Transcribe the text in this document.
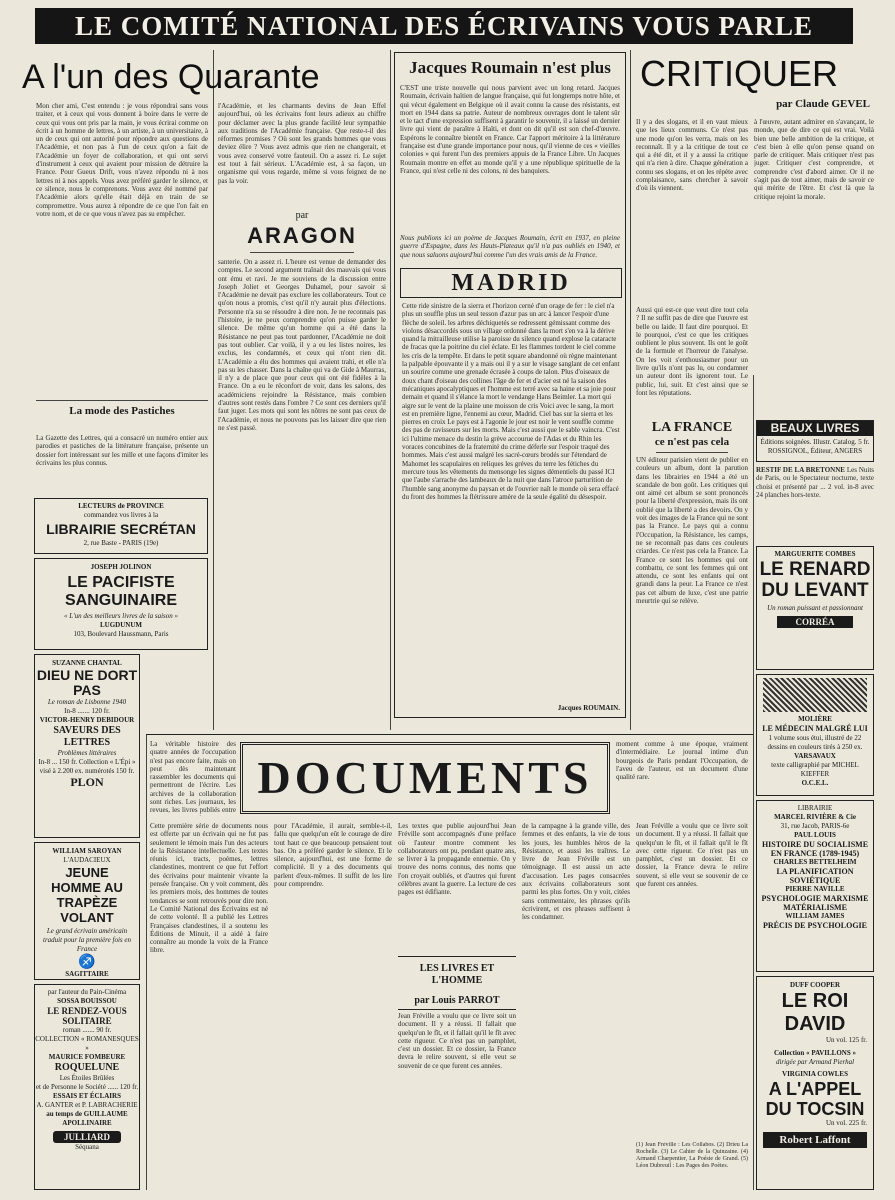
LE COMITÉ NATIONAL DES ÉCRIVAINS VOUS PARLE
A l'un des Quarante
Mon cher ami, C'est entendu : je vous répondrai sans vous traiter, et à ceux qui vous donnent à boire dans le verre de ceux qui vous ont pris par la main, je vous écrirai comme on écrit à un homme de lettres, à un artiste, à un universitaire, à un de ceux qui ont autorité pour répondre aux questions de l'Académie, et non pas à l'un de ceux qu'on a fait de l'Académie un foyer de collaboration, et qui ont servi d'instrument à ceux qui avaient pour mission de détruire la France. Pour Gueux Drift, vous n'avez répondu ni à nos lettres ni à nos appels. Vous avez préféré garder le silence, et ce silence, nous le comprenons. Vous avez été nommé par l'Académie alors qu'elle était déjà en train de se compromettre. Vous aurez à répondre de ce que l'on fait en votre nom, et de ce que vous n'avez pas su empêcher.
La mode des Pastiches
La Gazette des Lettres, qui a consacré un numéro entier aux parodies et pastiches de la littérature française, présente un dossier fort intéressant sur les mille et une façons d'imiter les écrivains les plus connus.
LECTEURS de PROVINCE
commandez vos livres à la
LIBRAIRIE SECRÉTAN
2, rue Baste - PARIS (19e)
JOSEPH JOLINON
LE PACIFISTE SANGUINAIRE
« L'un des meilleurs livres de la saison »
LUGDUNUM
103, Boulevard Haussmann, Paris
SUZANNE CHANTAL
DIEU NE DORT PAS
Le roman de Lisbonne 1940
In-8 ....... 120 fr.
VICTOR-HENRY DEBIDOUR
SAVEURS DES LETTRES
Problèmes littéraires
In-8 ... 150 fr. Collection « L'Épi » visé à 2.200 ex. numérotés 150 fr.
PLON
WILLIAM SAROYAN
L'AUDACIEUX
JEUNE HOMME AU TRAPÈZE VOLANT
Le grand écrivain américain traduit pour la première fois en France
♐
SAGITTAIRE
par l'auteur du Pain-Cinéma
SOSSA BOUISSOU
LE RENDEZ-VOUS SOLITAIRE
roman ....... 90 fr.
COLLECTION « ROMANESQUES »
MAURICE FOMBEURE
ROQUELUNE
Les Étoiles Brûlées
et de Personne le Société ...... 120 fr.
ESSAIS ET ÉCLAIRS
A. GANTER et P. LABRACHERIE
au temps de GUILLAUME APOLLINAIRE
JULLIARD
Séquana
l'Académie, et les charmants devins de Jean Effel aujourd'hui, où les écrivains font leurs adieux au chiffre pour déclamer avec la plus grande facilité leur sympathie aux traditions de l'Académie française. Que reste-t-il des réformes promises ? Où sont les grands hommes que vous deviez élire ? Vous avez admis que rien ne changerait, et vous avez conservé votre fauteuil. On a assez ri. Le sujet est tout à fait sérieux. L'Académie est, à sa façon, un organisme qui vous regarde, même si vous feignez de ne pas la voir.
par
ARAGON
santerie. On a assez ri. L'heure est venue de demander des comptes. Le second argument traînait des mauvais qui vous ont ému et ravi. Je me souviens de la discussion entre Joseph Joliet et Georges Duhamel, pour savoir si l'Académie ne devait pas exclure les collaborateurs. Tout ce qu'on nous a promis, c'est qu'il n'y aurait plus d'élections. Personne n'a su se résoudre à dire non. Je ne reconnais pas l'histoire, je ne peux comprendre qu'on puisse garder le silence. De même qu'un homme qui a été dans la Résistance ne peut pas tout pardonner, l'Académie ne doit pas tout oublier. Car voilà, il y a eu les listes noires, les exclus, les condamnés, et ceux qui n'ont rien dit. L'Académie a élu des hommes qui avaient trahi, et elle n'a pas su les chasser. Dans la chaîne qui va de Gide à Maurras, il n'y a de place que pour ceux qui ont été fidèles à la France. On a eu le réconfort de voir, dans les salons, des académiciens rejoindre la Résistance, mais combien d'autres sont restés dans l'ombre ? Ce sont ces derniers qu'il faut juger. Les mots qui sont les nôtres ne sont pas ceux de l'Académie, et nous ne pouvons pas les laisser dire que rien ne s'est passé.
Jacques Roumain n'est plus
C'EST une triste nouvelle qui nous parvient avec un long retard. Jacques Roumain, écrivain haïtien de langue française, qui fut longtemps notre hôte, et qui vécut également en Belgique où il avait connu la cause des résistants, est mort en 1944 dans sa patrie. Auteur de nombreux ouvrages dont le talent sûr et le tact d'une expression suffisent à garantir le souvenir, il a laissé un dernier livre qui vient de paraître à Haïti, et dont on dit qu'il est son chef-d'œuvre. Espérons le connaître bientôt en France. Car l'apport méritoire à la littérature française est d'une grande importance pour nous, qu'il vienne de ces « vieilles colonies » qui furent l'un des premiers appuis de la France Libre. Un Jacques Roumain montre en effet au monde qu'il y a une république spirituelle de la France, qui n'est celle ni des colons, ni des banquiers.
Nous publions ici un poème de Jacques Roumain, écrit en 1937, en pleine guerre d'Espagne, dans les Hauts-Plateaux qu'il n'a pas oubliés en 1940, et que nous saluons aujourd'hui comme l'un des vrais amis de la France.
MADRID
Cette ride sinistre de la sierra et l'horizon cerné d'un orage de fer : le ciel n'a plus un souffle plus un seul tesson d'azur pas un arc à lancer l'espoir d'une flèche de soleil. les arbres déchiquetés se redressent gémissant comme des violons désaccordés sous un village ordonné dans la mort s'en va à la dérive quand la mitrailleuse utilise la paroisse du silence quand explose la cataracte de fracas que la poitrine du ciel éclate. Et les flammes tordent le ciel comme les cris de la tempête. Et dans le petit square abandonné où règne maintenant la palpable épouvante il y a mais oui il y a sur le visage sanglant de cet enfant un sourire comme une grenade écrasée à coups de talon. Plus d'oiseaux de doux chant d'oiseau des collines l'âge de fer et d'acier est né la saison des mécaniques apocalyptiques et l'homme est terré avec sa haine et sa joie pour demain et quand il s'élance la mort le vendange Hans Beimler. La mort qui aigre sur le vent de la plaine une moisson de cris Voici avec le sang, la mort est en première ligne, l'ennemi au cœur, Madrid. Ciel bas sur la sierra et les pierres en croix Le pays est à l'agonie le jour est noir le vent souffle comme des pas de ravisseurs sur les morts. Mais c'est aussi que le sable vaincra. C'est ici l'ultime menace du destin la grève accourue de l'Adas et du Rhin les voraces concubines de la fraternité du crime déferle sur l'espoir traqué des hommes. Mais c'est aussi malgré les sacré-cœurs brodés sur l'étendard de Mahomet les scapulaires en reliques les gréves du terre les fétiches du mercure tous les vêtements du mensonge les signes démentiels du passé ICI que l'aube s'arrache des lambeaux de la nuit que dans l'atroce parturition de l'humble sang anonyme du paysan et de l'ouvrier naît le monde où sera effacé du front des hommes la flétrissure amère de la seule égalité du désespoir.
Jacques ROUMAIN.
CRITIQUER
par Claude GEVEL
Il y a des slogans, et il en vaut mieux que les lieux communs. Ce n'est pas une mode qu'on les verra, mais on les reconnaît. Il y a la critique de tout ce qui a été dit, et il y a aussi la critique qui n'a rien à dire. Chaque génération a connu ses slogans, et on les répète avec complaisance, sans chercher à savoir d'où ils viennent.
à l'œuvre, autant admirer en s'avançant, le monde, que de dire ce qui est vrai. Voilà bien une belle ambition de la critique, et c'est bien à elle qu'on pense quand on parle de critiquer. Mais critiquer n'est pas juger. Critiquer c'est comprendre, et comprendre c'est d'abord aimer. Or il ne s'agit pas de tout aimer, mais de savoir ce qui mérite de l'être. Et c'est là que la critique rejoint la morale.
Aussi qui est-ce que veut dire tout cela ? Il ne suffit pas de dire que l'œuvre est belle ou laide. Il faut dire pourquoi. Et le pourquoi, c'est ce que les critiques oublient le plus souvent. Ils ont le goût de la formule et l'horreur de l'analyse. On les voit s'enthousiasmer pour un livre qu'ils n'ont pas lu, ou condamner un auteur dont ils ignorent tout. Le public, lui, suit. Et c'est ainsi que se font les réputations.
LA FRANCE
ce n'est pas cela
UN éditeur parisien vient de publier en couleurs un album, dont la parution dans les librairies en 1944 a été un scandale de bon goût. Les critiques qui ont aimé cet album se sont prononcés pour la liberté d'expression, mais ils ont oublié que la liberté a des devoirs. On y voit des images de la France qui ne sont pas la France. Le pays qui a connu l'Occupation, la Résistance, les camps, ne se reconnaît pas dans ces couleurs criardes. Ce n'est pas cela la France. La France ce sont les hommes qui ont combattu, ce sont les femmes qui ont attendu, ce sont les enfants qui ont grandi dans la peur. La France ce n'est pas cet album de luxe, c'est une patrie meurtrie qui se relève.
BEAUX LIVRES
Éditions soignées. Illustr. Catalog. 5 fr. ROSSIGNOL, Éditeur, ANGERS
RESTIF DE LA BRETONNE Les Nuits de Paris, ou le Spectateur nocturne, texte choisi et présenté par ... 2 vol. in-8 avec 24 planches hors-texte.
MARGUERITE COMBES
LE RENARD DU LEVANT
Un roman puissant et passionnant
CORRÉA
MOLIÈRE
LE MÉDECIN MALGRÉ LUI
1 volume sous étui, illustré de 22 dessins en couleurs tirés à 250 ex.
VARSAVAUX
texte calligraphié par MICHEL KIEFFER
O.C.E.L.
LIBRAIRIE
MARCEL RIVIÈRE & Cie
31, rue Jacob, PARIS-6e
PAUL LOUIS
HISTOIRE DU SOCIALISME EN FRANCE (1789-1945)
CHARLES BETTELHEIM
LA PLANIFICATION SOVIÉTIQUE
PIERRE NAVILLE
PSYCHOLOGIE MARXISME MATÉRIALISME
WILLIAM JAMES
PRÉCIS DE PSYCHOLOGIE
DUFF COOPER
LE ROI DAVID
Un vol. 125 fr.
Collection « PAVILLONS »
dirigée par Armand Pierhal
VIRGINIA COWLES
A L'APPEL DU TOCSIN
Un vol. 225 fr.
Robert Laffont
La véritable histoire des quatre années de l'occupation n'est pas encore faite, mais on peut dès maintenant rassembler les documents qui permettront de l'écrire. Les archives de la collaboration sont riches. Les journaux, les revues, les livres publiés entre
DOCUMENTS
moment comme à une époque, vraiment d'intermédiaire. Le journal intime d'un bourgeois de Paris pendant l'Occupation, de l'aveu de l'auteur, est un document d'une qualité rare.
Cette première série de documents nous est offerte par un écrivain qui ne fut pas seulement le témoin mais l'un des acteurs de la Résistance intellectuelle. Les textes réunis ici, tracts, poèmes, lettres clandestines, montrent ce que fut l'effort des écrivains pour maintenir vivante la pensée française. On y voit comment, dès les premiers mois, des hommes de toutes tendances se sont retrouvés pour dire non. Le Comité National des Écrivains est né de cette volonté. Il a publié les Lettres Françaises clandestines, il a soutenu les Éditions de Minuit, il a aidé à faire connaître au monde la voix de la France libre.
pour l'Académie, il aurait, semble-t-il, fallu que quelqu'un eût le courage de dire tout haut ce que beaucoup pensaient tout bas. On a préféré garder le silence. Et le silence, aujourd'hui, est une forme de complicité. Il y a des documents qui parlent d'eux-mêmes. Il suffit de les lire pour comprendre.
Les textes que publie aujourd'hui Jean Fréville sont accompagnés d'une préface où l'auteur montre comment les collaborateurs ont pu, pendant quatre ans, se livrer à la propagande ennemie. On y trouve des noms connus, des noms que l'on croyait oubliés, et d'autres qui furent célèbres avant la guerre. La lecture de ces pages est édifiante.
LES LIVRES ET L'HOMME
par Louis PARROT
Jean Fréville a voulu que ce livre soit un document. Il y a réussi. Il fallait que quelqu'un le fît, et il fallait qu'il le fît avec cette rigueur. Ce n'est pas un pamphlet, c'est un dossier. Et ce dossier, la France devra le relire souvent, si elle veut se souvenir de ce que furent ces années.
de la campagne à la grande ville, des femmes et des enfants, la vie de tous les jours, les humbles héros de la Résistance, et aussi les traîtres. Le livre de Jean Fréville est un témoignage. Il est aussi un acte d'accusation. Les pages consacrées aux écrivains collaborateurs sont parmi les plus fortes. On y voit, citées sans commentaire, les phrases qu'ils écrivirent, et ces phrases suffisent à les condamner.
Jean Fréville a voulu que ce livre soit un document. Il y a réussi. Il fallait que quelqu'un le fît, et il fallait qu'il le fît avec cette rigueur. Ce n'est pas un pamphlet, c'est un dossier. Et ce dossier, la France devra le relire souvent, si elle veut se souvenir de ce que furent ces années.
(1) Jean Fréville : Les Collabos. (2) Drieu La Rochelle. (3) Le Cahier de la Quinzaine. (4) Armand Charpentier, La Poésie de Grand. (5) Léon Dubreuil : Les Pages des Poètes.
